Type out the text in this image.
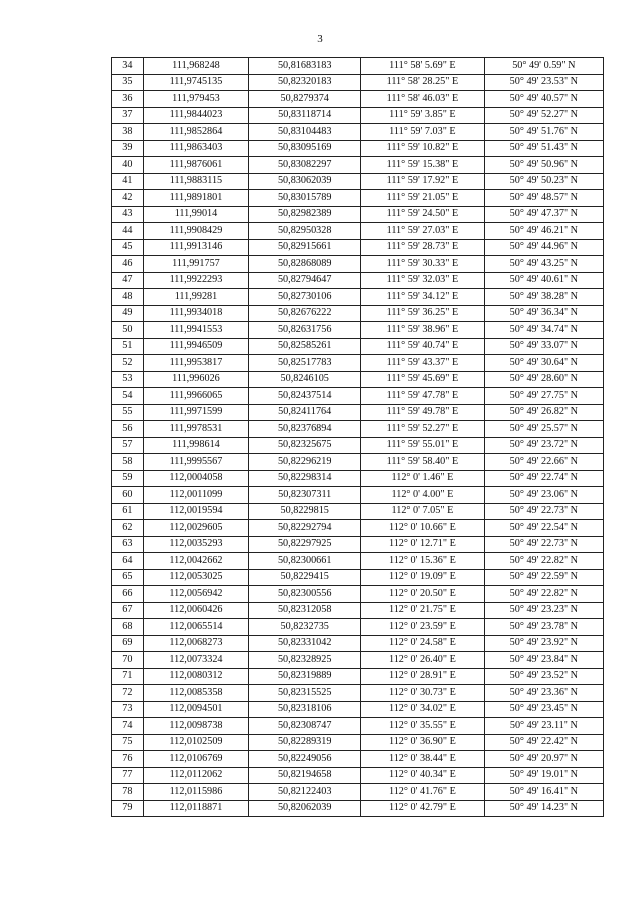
3
34	111,968248	50,81683183	111° 58' 5.69" E	50° 49' 0.59" N
35	111,9745135	50,82320183	111° 58' 28.25" E	50° 49' 23.53" N
36	111,979453	50,8279374	111° 58' 46.03" E	50° 49' 40.57" N
37	111,9844023	50,83118714	111° 59' 3.85" E	50° 49' 52.27" N
38	111,9852864	50,83104483	111° 59' 7.03" E	50° 49' 51.76" N
39	111,9863403	50,83095169	111° 59' 10.82" E	50° 49' 51.43" N
40	111,9876061	50,83082297	111° 59' 15.38" E	50° 49' 50.96" N
41	111,9883115	50,83062039	111° 59' 17.92" E	50° 49' 50.23" N
42	111,9891801	50,83015789	111° 59' 21.05" E	50° 49' 48.57" N
43	111,99014	50,82982389	111° 59' 24.50" E	50° 49' 47.37" N
44	111,9908429	50,82950328	111° 59' 27.03" E	50° 49' 46.21" N
45	111,9913146	50,82915661	111° 59' 28.73" E	50° 49' 44.96" N
46	111,991757	50,82868089	111° 59' 30.33" E	50° 49' 43.25" N
47	111,9922293	50,82794647	111° 59' 32.03" E	50° 49' 40.61" N
48	111,99281	50,82730106	111° 59' 34.12" E	50° 49' 38.28" N
49	111,9934018	50,82676222	111° 59' 36.25" E	50° 49' 36.34" N
50	111,9941553	50,82631756	111° 59' 38.96" E	50° 49' 34.74" N
51	111,9946509	50,82585261	111° 59' 40.74" E	50° 49' 33.07" N
52	111,9953817	50,82517783	111° 59' 43.37" E	50° 49' 30.64" N
53	111,996026	50,8246105	111° 59' 45.69" E	50° 49' 28.60" N
54	111,9966065	50,82437514	111° 59' 47.78" E	50° 49' 27.75" N
55	111,9971599	50,82411764	111° 59' 49.78" E	50° 49' 26.82" N
56	111,9978531	50,82376894	111° 59' 52.27" E	50° 49' 25.57" N
57	111,998614	50,82325675	111° 59' 55.01" E	50° 49' 23.72" N
58	111,9995567	50,82296219	111° 59' 58.40" E	50° 49' 22.66" N
59	112,0004058	50,82298314	112° 0' 1.46" E	50° 49' 22.74" N
60	112,0011099	50,82307311	112° 0' 4.00" E	50° 49' 23.06" N
61	112,0019594	50,8229815	112° 0' 7.05" E	50° 49' 22.73" N
62	112,0029605	50,82292794	112° 0' 10.66" E	50° 49' 22.54" N
63	112,0035293	50,82297925	112° 0' 12.71" E	50° 49' 22.73" N
64	112,0042662	50,82300661	112° 0' 15.36" E	50° 49' 22.82" N
65	112,0053025	50,8229415	112° 0' 19.09" E	50° 49' 22.59" N
66	112,0056942	50,82300556	112° 0' 20.50" E	50° 49' 22.82" N
67	112,0060426	50,82312058	112° 0' 21.75" E	50° 49' 23.23" N
68	112,0065514	50,8232735	112° 0' 23.59" E	50° 49' 23.78" N
69	112,0068273	50,82331042	112° 0' 24.58" E	50° 49' 23.92" N
70	112,0073324	50,82328925	112° 0' 26.40" E	50° 49' 23.84" N
71	112,0080312	50,82319889	112° 0' 28.91" E	50° 49' 23.52" N
72	112,0085358	50,82315525	112° 0' 30.73" E	50° 49' 23.36" N
73	112,0094501	50,82318106	112° 0' 34.02" E	50° 49' 23.45" N
74	112,0098738	50,82308747	112° 0' 35.55" E	50° 49' 23.11" N
75	112,0102509	50,82289319	112° 0' 36.90" E	50° 49' 22.42" N
76	112,0106769	50,82249056	112° 0' 38.44" E	50° 49' 20.97" N
77	112,0112062	50,82194658	112° 0' 40.34" E	50° 49' 19.01" N
78	112,0115986	50,82122403	112° 0' 41.76" E	50° 49' 16.41" N
79	112,0118871	50,82062039	112° 0' 42.79" E	50° 49' 14.23" N
